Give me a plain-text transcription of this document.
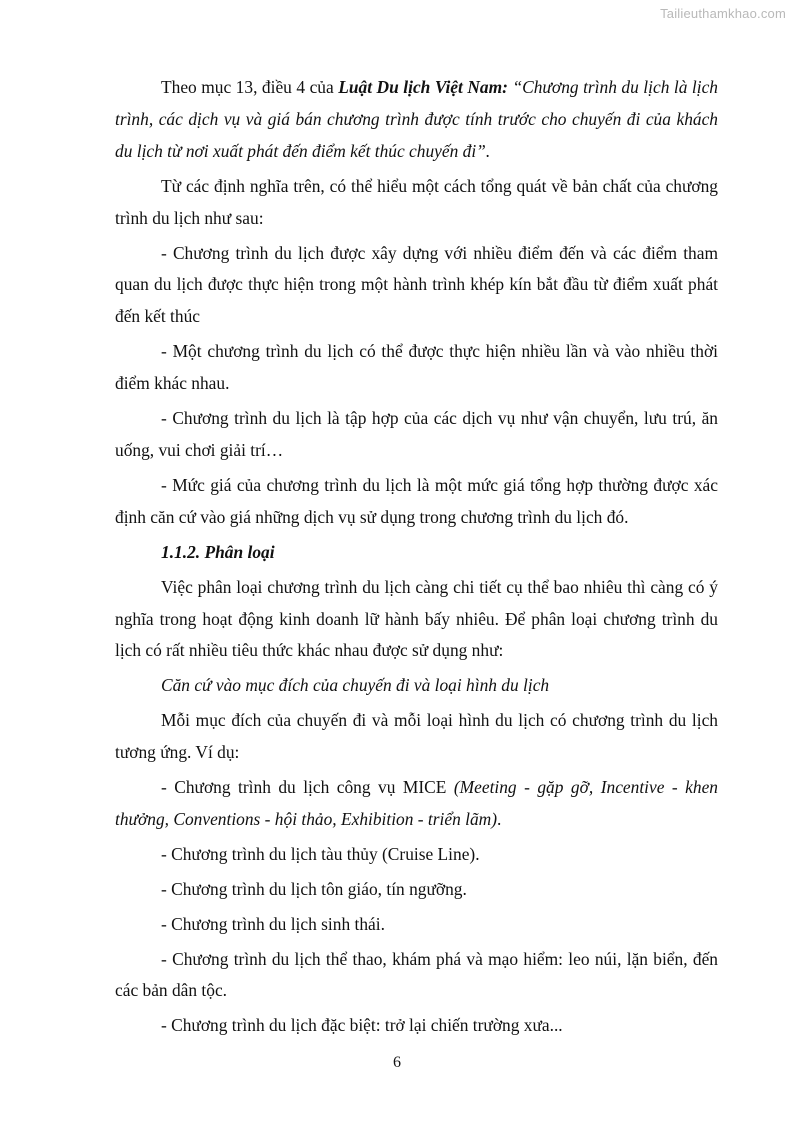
Tailieuthamkhao.com

Theo mục 13, điều 4 của Luật Du lịch Việt Nam: “Chương trình du lịch là lịch trình, các dịch vụ và giá bán chương trình được tính trước cho chuyến đi của khách du lịch từ nơi xuất phát đến điểm kết thúc chuyến đi”.

Từ các định nghĩa trên, có thể hiểu một cách tổng quát về bản chất của chương trình du lịch như sau:

- Chương trình du lịch được xây dựng với nhiều điểm đến và các điểm tham quan du lịch được thực hiện trong một hành trình khép kín bắt đầu từ điểm xuất phát đến kết thúc

- Một chương trình du lịch có thể được thực hiện nhiều lần và vào nhiều thời điểm khác nhau.

- Chương trình du lịch là tập hợp của các dịch vụ như vận chuyển, lưu trú, ăn uống, vui chơi giải trí…

- Mức giá của chương trình du lịch là một mức giá tổng hợp thường được xác định căn cứ vào giá những dịch vụ sử dụng trong chương trình du lịch đó.

1.1.2. Phân loại

Việc phân loại chương trình du lịch càng chi tiết cụ thể bao nhiêu thì càng có ý nghĩa trong hoạt động kinh doanh lữ hành bấy nhiêu. Để phân loại chương trình du lịch có rất nhiều tiêu thức khác nhau được sử dụng như:

Căn cứ vào mục đích của chuyến đi và loại hình du lịch

Mỗi mục đích của chuyến đi và mỗi loại hình du lịch có chương trình du lịch tương ứng. Ví dụ:

- Chương trình du lịch công vụ MICE (Meeting - gặp gỡ, Incentive - khen thưởng, Conventions - hội thảo, Exhibition - triển lãm).

- Chương trình du lịch tàu thủy (Cruise Line).

- Chương trình du lịch tôn giáo, tín ngưỡng.

- Chương trình du lịch sinh thái.

- Chương trình du lịch thể thao, khám phá và mạo hiểm: leo núi, lặn biển, đến các bản dân tộc.

- Chương trình du lịch đặc biệt: trở lại chiến trường xưa...

6
